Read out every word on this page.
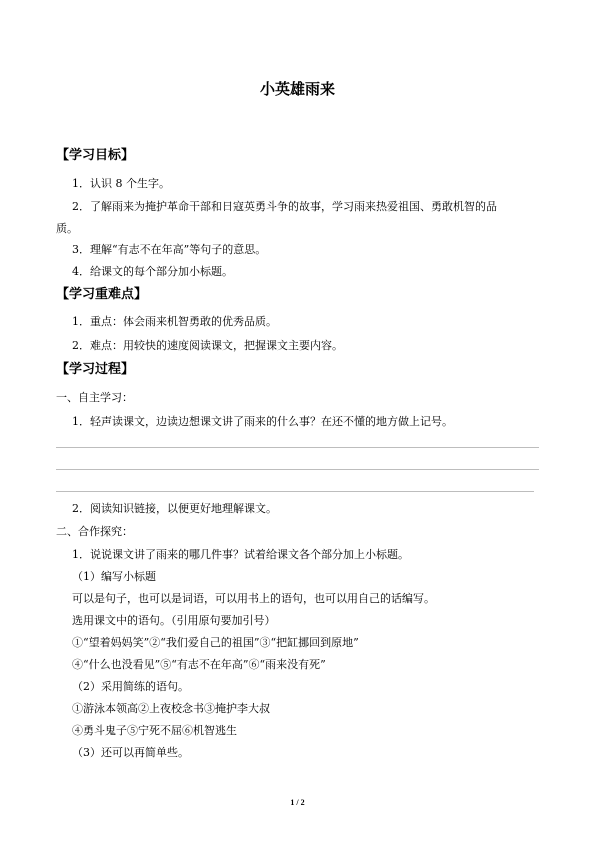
小英雄雨来
【学习目标】
1．认识 8 个生字。
2．了解雨来为掩护革命干部和日寇英勇斗争的故事，学习雨来热爱祖国、勇敢机智的品
质。
3．理解“有志不在年高”等句子的意思。
4．给课文的每个部分加小标题。
【学习重难点】
1．重点：体会雨来机智勇敢的优秀品质。
2．难点：用较快的速度阅读课文，把握课文主要内容。
【学习过程】
一、自主学习：
1．轻声读课文，边读边想课文讲了雨来的什么事？在还不懂的地方做上记号。
2．阅读知识链接，以便更好地理解课文。
二、合作探究：
1．说说课文讲了雨来的哪几件事？试着给课文各个部分加上小标题。
（1）编写小标题
可以是句子，也可以是词语，可以用书上的语句，也可以用自己的话编写。
选用课文中的语句。（引用原句要加引号）
①“望着妈妈笑”②“我们爱自己的祖国”③“把缸挪回到原地”
④“什么也没看见”⑤“有志不在年高”⑥“雨来没有死”
（2）采用简练的语句。
①游泳本领高②上夜校念书③掩护李大叔
④勇斗鬼子⑤宁死不屈⑥机智逃生
（3）还可以再简单些。
1 / 2
